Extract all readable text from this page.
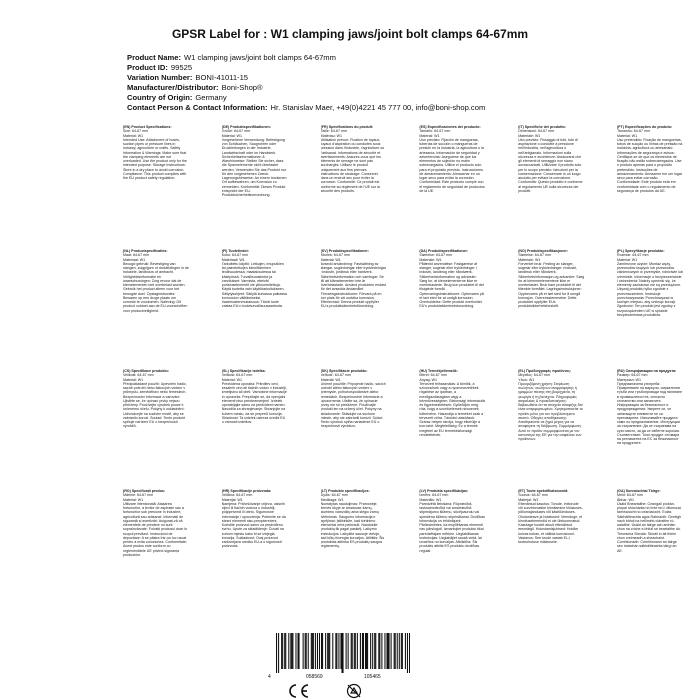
GPSR Label for : W1 clamping jaws/joint bolt clamps 64-67mm
Product Name: W1 clamping jaws/joint bolt clamps 64-67mm
Product ID: 99525
Variation Number: BONI-41011-15
Manufacturer/Distributor: Boni-Shop®
Country of Origin: Germany
Contact Person & Contact Information: Hr. Stanislav Maer, +49(0)4221 45 777 00, info@boni-shop.com
(EN) Product Specifications:
Size: 64-67 mm
Material: W1
Intended Use: Attachment of hoses, suction pipes or pressure lines in industry, agriculture or crafts. Safety Information & Warnings: Make sure that the clamping elements are not overloaded. Use the product only for the intended purpose. Storage Instructions: Store in a dry place to avoid corrosion. Compliance: This product complies with the EU product safety regulation.
(DE) Produktspezifikationen:
Größe: 64-67 mm
Material: W1
Vorgesehene Verwendung: Befestigung von Schläuchen, Saugrohren oder Druckleitungen in der Industrie, Landwirtschaft oder im Handwerk. Sicherheitsinformationen & Warnhinweise: Stellen Sie sicher, dass die Spannelemente nicht überlastet werden. Verwenden Sie das Produkt nur für den vorgesehenen Zweck. Lagerungshinweise: An einem trockenen Ort aufbewahren, um Korrosion zu vermeiden. Konformität: Dieses Produkt entspricht der EU-Produktsicherheitsverordnung.
(FR) Spécifications du produit:
Taille: 64-67 mm
Matériau: W1
Utilisation prévue: Fixation de tuyaux, tuyaux d'aspiration ou conduites sous pression dans l'industrie, l'agriculture ou l'artisanat. Informations de sécurité et avertissements: Assurez-vous que les éléments de serrage ne sont pas surchargés. Utilisez le produit uniquement aux fins prévues. Instructions de stockage: Conserver dans un endroit sec pour éviter la corrosion. Conformité: Ce produit est conforme au règlement de l'UE sur la sécurité des produits.
(ES) Especificaciones del producto:
Tamaño: 64-67 mm
Material: W1
Uso previsto: Fijación de mangueras, tuberías de succión o mangueras de presión en la industria, la agricultura o la artesanía. Información de seguridad y advertencias: Asegúrese de que los elementos de sujeción no estén sobrecargados. Utilice el producto solo para el propósito previsto. Instrucciones de almacenamiento: Almacenar en un lugar seco para evitar la corrosión. Conformidad: Este producto cumple con el reglamento de seguridad de productos de la UE.
(IT) Specifiche del prodotto:
Dimensioni: 64-67 mm
Materiale: W1
Uso previsto: Fissaggio di tubi, tubi di aspirazione o condotte a pressione nell'industria, nell'agricoltura o nell'artigianato. Informazioni sulla sicurezza e avvertenze: Assicurarsi che gli elementi di serraggio non siano sovraccaricati. Utilizzare il prodotto solo per lo scopo previsto. Istruzioni per la conservazione: Conservare in un luogo asciutto per evitare la corrosione. Conformità: Questo prodotto è conforme al regolamento UE sulla sicurezza dei prodotti.
(PT) Especificações do produto:
Tamanho: 64-67 mm
Material: W1
Uso pretendido: Fixação de mangueiras, tubos de sucção ou linhas de pressão na indústria, agricultura ou artesanato. Informações de segurança e avisos: Certifique-se de que os elementos de fixação não estão sobrecarregados. Use o produto apenas para o propósito pretendido. Instruções de armazenamento: Armazene em um lugar seco para evitar corrosão. Conformidade: Este produto está em conformidade com o regulamento de segurança de produtos da UE.
(NL) Productspecificaties:
Maat: 64-67 mm
Materiaal: W1
Beoogd gebruik: Bevestiging van slangen, zuigpijpen of drukleidingen in de industrie, landbouw of ambacht. Veiligheidsinformatie en waarschuwingen: Zorg ervoor dat de klemelementen niet overbelast worden. Gebruik het product alleen voor het beoogde doel. Opslaginstructies: Bewaren op een droge plaats om corrosie te voorkomen. Naleving: Dit product voldoet aan de EU-voorschriften voor productveiligheid.
(FI) Tuotetiedot:
Koko: 64-67 mm
Materiaali: W1
Tarkoitettu käyttö: Letkujen, imuputkien tai paineletkujen kiinnittäminen teollisuudessa, maataloudessa tai käsityössä. Turvallisuustiedot ja varoitukset: Varmista, etteivät puristuselementit ole ylikuormitettuja. Käytä tuotetta vain käyttötarkoitukseen. Säilytysohjeet: Säilytä kuivassa paikassa korroosion välttämiseksi. Vaatimustenmukaisuus: Tämä tuote vastaa EU:n tuoteturvallisuusasetusta.
(SV) Produktspecifikationer:
Storlek: 64-67 mm
Material: W1
Avsedd användning: Fastsättning av slangar, sugledningar eller tryckledningar i industri, jordbruk eller hantverk. Säkerhetsinformation och varningar: Se till att klämelementen inte är överbelastade. Använd produkten endast för det avsedda ändamålet. Förvaringsinstruktioner: Förvara på en torr plats för att undvika korrosion. Efterlevnad: Denna produkt uppfyller EU:s produktsäkerhetsförordning.
(DA) Produktspecifikationer:
Størrelse: 64-67 mm
Materiale: W1
Påtænkt anvendelse: Fastgørelse af slanger, sugerør eller trykledninger i industri, landbrug eller håndværk. Sikkerhedsinformation og advarsler: Sørg for, at klemelementerne ikke er overbelastede. Brug kun produktet til det tilsigtede formål. Opbevaringsinstruktioner: Opbevares på et tørt sted for at undgå korrosion. Overholdelse: Dette produkt overholder EU's produktsikkerhedsforordning.
(NO) Produktspesifikasjoner:
Størrelse: 64-67 mm
Materiale: W1
Forventet bruk: Festing av slanger, sugerør eller trykkledninger i industri, landbruk eller håndverk. Sikkerhetsinformasjon og advarsler: Sørg for at klemmeelementene ikke er overbelastet. Bruk bare produktet til det tiltenkte formålet. Lagringsinstruksjoner: Oppbevares på et tørt sted for å unngå korrosjon. Overensstemmelse: Dette produktet oppfyller EUs produktsikkerhetsforskrift.
(PL) Specyfikacje produktu:
Rozmiar: 64-67 mm
Materiał: W1
Zamierzone użycie: Montaż węży, przewodów ssących lub przewodów ciśnieniowych w przemyśle, rolnictwie lub rzemiośle. Informacje o bezpieczeństwie i ostrzeżenia: Należy upewnić się, że elementy zaciskowe nie są przeciążone. Używaj produktu tylko zgodnie z przeznaczeniem. Instrukcje przechowywania: Przechowywać w suchym miejscu, aby uniknąć korozji. Zgodność: Ten produkt jest zgodny z rozporządzeniem UE w sprawie bezpieczeństwa produktów.
(CS) Specifikace produktu:
Velikost: 64-67 mm
Materiál: W1
Předpokládané použití: Upevnění hadic, sacích potrubí nebo tlakových vedení v průmyslu, zemědělství nebo řemeslech. Bezpečnostní informace a varování: Ujistěte se, že upínací prvky nejsou přetíženy. Používejte výrobek pouze k určenému účelu. Pokyny k uskladnění: Uchovávejte na suchém místě, aby se zabránilo korozi. Soulad: Tento produkt splňuje nařízení EU o bezpečnosti výrobků.
(SL) Specifikacije izdelka:
Velikost: 64-67 mm
Material: W1
Predvidena uporaba: Pritrditev cevi, sesalnih cevi ali tlačnih vodov v industriji, kmetijstvu ali obrti. Varnostne informacije in opozorila: Prepričajte se, da vpenjalni elementi niso preobremenjeni. Izdelek uporabljajte samo za predvideni namen. Navodila za shranjevanje: Shranjujte na suhem mestu, da se prepreči korozija. Skladnost: Ta izdelek ustreza uredbi EU o varnosti izdelkov.
(SK) Špecifikácie produktu:
Veľkosť: 64-67 mm
Materiál: W1
Určené použitie: Pripojenie hadíc, sacích potrubí alebo tlakových vedení v priemysle, poľnohospodárstve alebo remeslách. Bezpečnostné informácie a upozornenia: Uistite sa, že upínacie prvky nie sú preťažené. Používajte produkt len na určený účel. Pokyny na skladovanie: Skladujte na suchom mieste, aby ste zabránili korózii. Súlad: Tento výrobok spĺňa nariadenie EÚ o bezpečnosti výrobkov.
(HU) Termékjellemzők:
Méret: 64-67 mm
Anyag: W1
Tervezett felhasználás: A tömlők, a szívócsövek vagy a nyomóvezetékek rögzítése az iparban, a mezőgazdaságban vagy a kézművességben. Biztonsági információk és figyelmeztetések: Győződjön meg róla, hogy a szorítóelemek nincsenek túlterhelve. Használja a terméket csak a tervezett célra. Tárolási utasítások: Száraz helyen tárolja, hogy elkerülje a korróziót. Megfelelőség: Ez a termék megfelel az EU termékbiztonsági rendeletének.
(EL) Προδιαγραφές προϊόντος:
Μέγεθος: 64-67 mm
Υλικό: W1
Προοριζόμενη χρήση: Στερέωση σωλήνων, σωλήνων αναρρόφησης ή γραμμών πίεσης στη βιομηχανία, τη γεωργία ή τη βιοτεχνία. Πληροφορίες ασφαλείας & προειδοποιήσεις: Βεβαιωθείτε ότι τα στοιχεία σύσφιξης δεν είναι υπερφορτωμένα. Χρησιμοποιείτε το προϊόν μόνο για τον προβλεπόμενο σκοπό. Οδηγίες αποθήκευσης: Αποθηκεύστε σε ξηρό μέρος για να αποφύγετε τη διάβρωση. Συμμόρφωση: Αυτό το προϊόν συμμορφώνεται με τον κανονισμό της ΕΕ για την ασφάλεια των προϊόντων.
(RU) Спецификации на продукта:
Размер: 64-67 mm
Материал: W1
Предназначена употреба: Прикрепване на маркучи, смукателни тръби или тръбопроводи под налягане в промишлеността, селското стопанство или занаятите. Информация за безопасност и предупреждения: Уверете се, че затягащите елементи не са претоварени. Използвайте продукта само по предназначение. Инструкции за съхранение: Да се съхранява на сухо място, за да се избегне корозия. Съответствие: Този продукт отговаря на регламента на ЕС за безопасност на продуктите.
(RO) Specificații produs:
Mărime: 64-67 mm
Material: W1
Utilizare intenționată: Atașarea furtunurilor, a țevilor de aspirație sau a furtunurilor sub presiune în industrie, agricultură sau artizanat. Informații de siguranță și avertizări: Asigurați-vă că elementele de prindere nu sunt supraîncărcate. Folosiți produsul doar în scopul prevăzut. Instrucțiuni de depozitare: A se păstra într-un loc uscat pentru a evita coroziunea. Conformitate: Acest produs este conform cu reglementările UE privind siguranța produselor.
(HR) Specifikacije proizvoda:
Veličina: 64-67 mm
Materijal: W1
Namjena: Pričvršćivanje crijeva, usisnih cijevi ili tlačnih vodova u industriji, poljoprivredi ili obrtu. Sigurnosne informacije i upozorenja: Pobrinite se da stezni elementi nisu preopterećeni. Koristite proizvod samo za predviđenu svrhu. Upute za skladištenje: Čuvati na suhom mjestu kako bi se izbjegla korozija. Sukladnost: Ovaj proizvod zadovoljava uredbu EU-a o sigurnosti proizvoda.
(LT) Produkto specifikacijos:
Dydis: 64-67 mm
Medžiaga: W1
Numatytas naudojimas: Pramonėje, žemės ūkyje ar amatuose žarnų, siurbimo vamzdžių arba slėgio žarnų tvirtinimas. Saugumo informacija ir įspėjimai: Įsitikinkite, kad tvirtinimo elementai nėra perkrauti. Naudokite produktą tik pagal paskirtį. Laikymo instrukcijos: Laikykite sausoje vietoje, kad būtų išvengta korozijos. Atitiktis: Šis produktas atitinka ES produktų saugos reglamentą.
(LV) Produkta specifikācijas:
Izmērs: 64-67 mm
Materiāls: W1
Paredzētā lietošana: Rūpniecībā, lauksaimniecībā vai amatniecībā stiprinājumu šļūteņu, sūcējcauruļu vai spiediena šļūteņu stiprināšanai. Drošības informācija un brīdinājumi: Pārliecinieties, ka iespīlēšanas elementi nav pārslogoti. Izmantojiet produktu tikai paredzētajam mērķim. Uzglabāšanas instrukcijas: Uzglabājiet sausā vietā, lai izvairītos no korozijas. Atbilstība: Šis produkts atbilst ES produktu drošības regulai.
(ET) Toote spetsifikatsioonid:
Suurus: 64-67 mm
Materjal: W1
Ettenähtud kasutus: Torude, imitorude või survetorustike kinnitamine tööstuses, põllumajanduses või käsitöönduses. Ohutusteave ja hoiatused: Veenduge, et kinnituselemendid ei ole ülekoormatud. Kasutage toodet ainult ettenähtud eesmärgil. Hoiustamisjuhised: Hoidke kuivas kohas, et vältida korrosiooni. Vastavus: See toode vastab EL-i tooteohutuse määrusele.
(GA) Sonraíochtaí Táirge:
Méid: 64-67 mm
Ábhar: W1
Úsáid Bheartaithe: Ceangail píobán, píopaí shúchánta nó línte brú i dtionscal, talmhaíocht nó ceardaíocht. Eolas Sábháilteachta agus Rabhaidh: Cinntigh nach bhfuil na heilimintí cláraithe ró-ualaithe. Úsáid an táirge ach amháin chun na críche a bhfuil sé beartaithe dó. Treoracha Stórála: Stóráil in áit thirim chun creimeadh a sheachaint. Comhlíonadh: Comhlíonann an táirge seo rialachán sábháilteachta táirgí an AE.
4	058569	105465
